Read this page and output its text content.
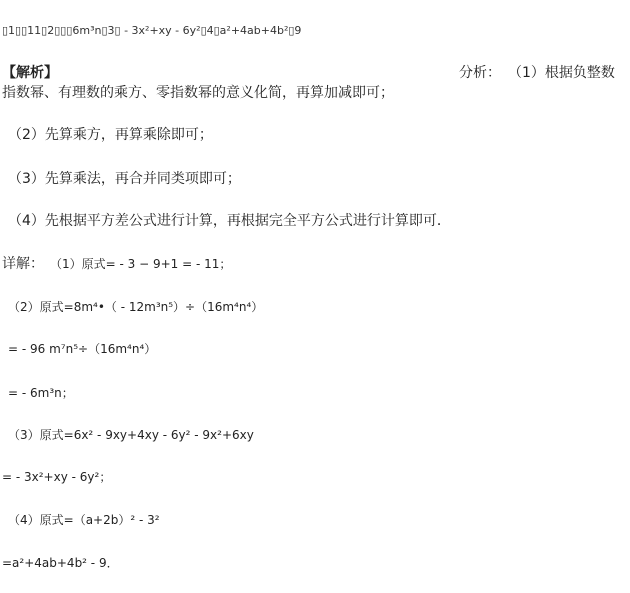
▯1▯▯11▯2▯▯▯6m³n▯3▯ - 3x²+xy - 6y²▯4▯a²+4ab+4b²▯9
【解析】	分析： （1）根据负整数
指数幂、有理数的乘方、零指数幂的意义化简，再算加减即可；
（2）先算乘方，再算乘除即可；
（3）先算乘法，再合并同类项即可；
（4）先根据平方差公式进行计算，再根据完全平方公式进行计算即可．
详解： （1）原式= - 3 − 9+1 = - 11；
（2）原式=8m⁴•（ - 12m³n⁵）÷（16m⁴n⁴）
= - 96 m⁷n⁵÷（16m⁴n⁴）
= - 6m³n；
（3）原式=6x² - 9xy+4xy - 6y² - 9x²+6xy
= - 3x²+xy - 6y²；
（4）原式=（a+2b）² - 3²
=a²+4ab+4b² - 9．
